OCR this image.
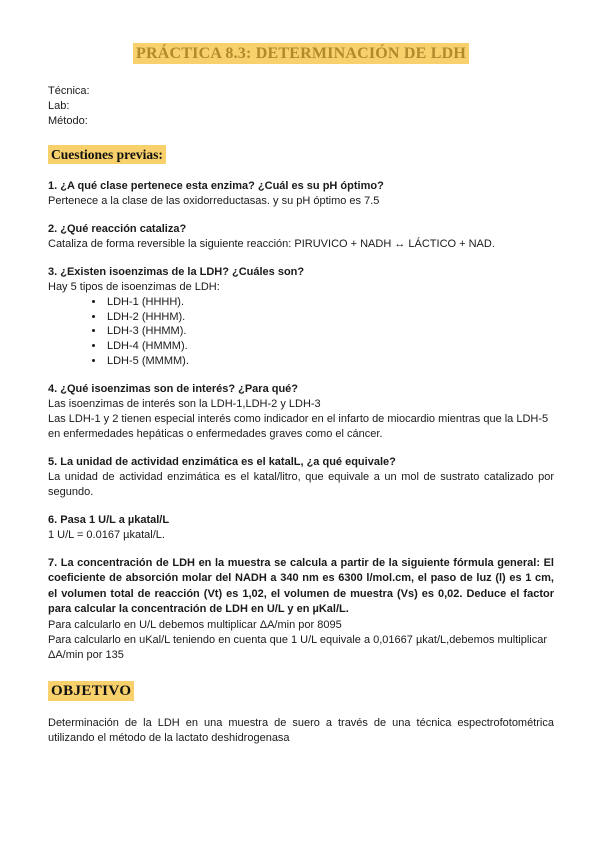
PRÁCTICA 8.3: DETERMINACIÓN DE LDH

Técnica:

Lab:

Método:

Cuestiones previas:

1. ¿A qué clase pertenece esta enzima? ¿Cuál es su pH óptimo?

Pertenece a la clase de las oxidorreductasas. y su pH óptimo es 7.5

2. ¿Qué reacción cataliza?

Cataliza de forma reversible la siguiente reacción: PIRUVICO + NADH ↔ LÁCTICO + NAD.

3. ¿Existen isoenzimas de la LDH? ¿Cuáles son?

Hay 5 tipos de isoenzimas de LDH:

• LDH-1 (HHHH).
• LDH-2 (HHHM).
• LDH-3 (HHMM).
• LDH-4 (HMMM).
• LDH-5 (MMMM).

4. ¿Qué isoenzimas son de interés? ¿Para qué?

Las isoenzimas de interés son la LDH-1,LDH-2 y LDH-3

Las LDH-1 y 2 tienen especial interés como indicador en el infarto de miocardio mientras que la LDH-5 en enfermedades hepáticas o enfermedades graves como el cáncer.

5. La unidad de actividad enzimática es el katalL, ¿a qué equivale?

La unidad de actividad enzimática es el katal/litro, que equivale a un mol de sustrato catalizado por segundo.

6. Pasa 1 U/L a µkatal/L

1 U/L = 0.0167 µkatal/L.

7. La concentración de LDH en la muestra se calcula a partir de la siguiente fórmula general: El coeficiente de absorción molar del NADH a 340 nm es 6300 l/mol.cm, el paso de luz (l) es 1 cm, el volumen total de reacción (Vt) es 1,02, el volumen de muestra (Vs) es 0,02. Deduce el factor para calcular la concentración de LDH en U/L y en µKal/L.

Para calcularlo en U/L debemos multiplicar ΔA/min por 8095

Para calcularlo en uKal/L teniendo en cuenta que 1 U/L equivale a 0,01667 µkat/L,debemos multiplicar ΔA/min por 135

OBJETIVO

Determinación de la LDH en una muestra de suero a través de una técnica espectrofotométrica utilizando el método de la lactato deshidrogenasa
